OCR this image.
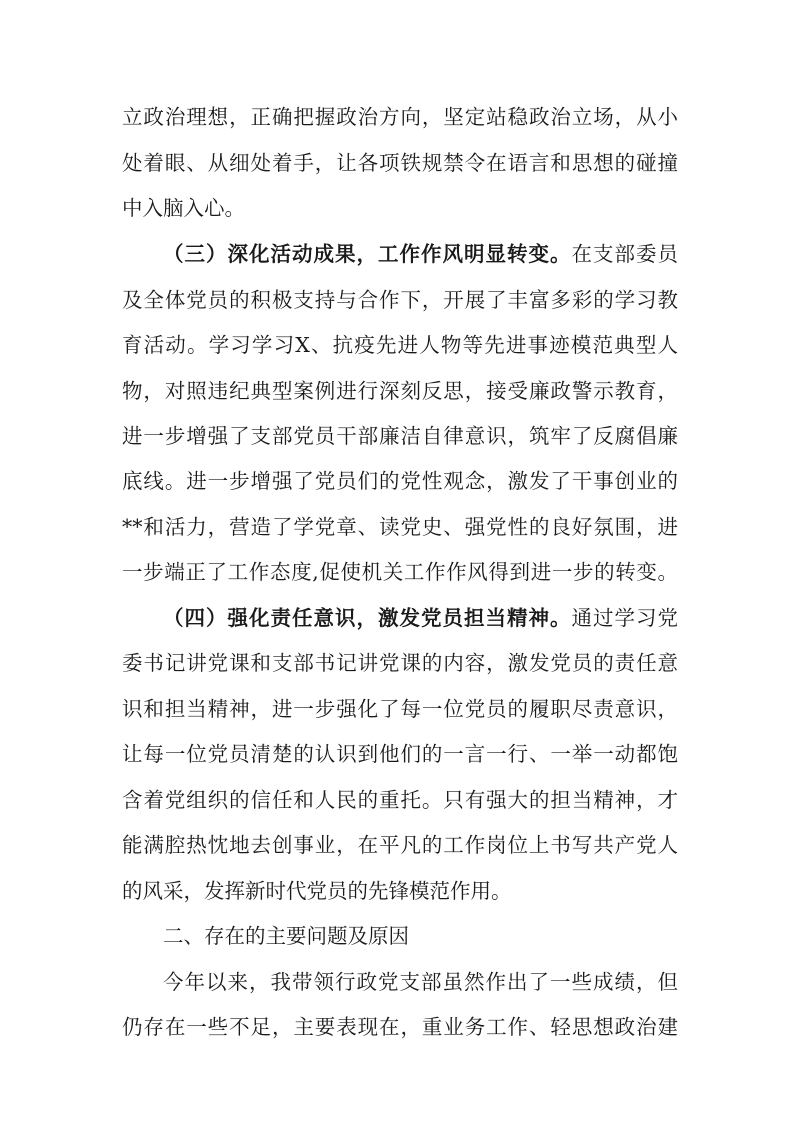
立政治理想，正确把握政治方向，坚定站稳政治立场，从小

处着眼、从细处着手，让各项铁规禁令在语言和思想的碰撞

中入脑入心。

（三）深化活动成果，工作作风明显转变。在支部委员

及全体党员的积极支持与合作下，开展了丰富多彩的学习教

育活动。学习学习X、抗疫先进人物等先进事迹模范典型人

物，对照违纪典型案例进行深刻反思，接受廉政警示教育，

进一步增强了支部党员干部廉洁自律意识，筑牢了反腐倡廉

底线。进一步增强了党员们的党性观念，激发了干事创业的

**和活力，营造了学党章、读党史、强党性的良好氛围，进

一步端正了工作态度,促使机关工作作风得到进一步的转变。

（四）强化责任意识，激发党员担当精神。通过学习党

委书记讲党课和支部书记讲党课的内容，激发党员的责任意

识和担当精神，进一步强化了每一位党员的履职尽责意识，

让每一位党员清楚的认识到他们的一言一行、一举一动都饱

含着党组织的信任和人民的重托。只有强大的担当精神，才

能满腔热忱地去创事业，在平凡的工作岗位上书写共产党人

的风采，发挥新时代党员的先锋模范作用。

二、存在的主要问题及原因

今年以来，我带领行政党支部虽然作出了一些成绩，但

仍存在一些不足，主要表现在，重业务工作、轻思想政治建
